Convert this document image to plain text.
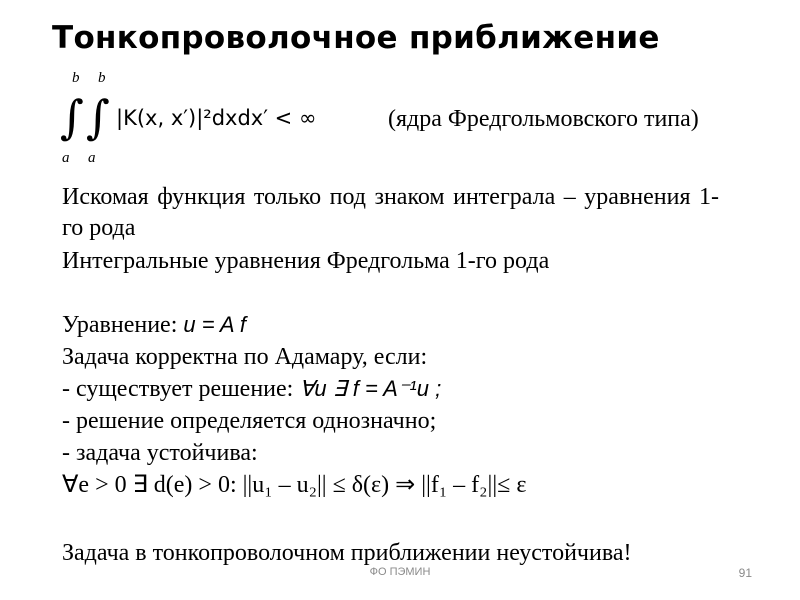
Тонкопроволочное приближение
b b
∫ ∫
a a
|K(x, x′)|²dxdx′ < ∞	(ядра Фредгольмовского типа)
Искомая функция только под знаком интеграла – уравнения 1-го рода
Интегральные уравнения Фредгольма 1-го рода
Уравнение: u = A f
Задача корректна по Адамару, если:
- существует решение: ∀u ∃ f = A⁻¹u ;
- решение определяется однозначно;
- задача устойчива:
∀e > 0 ∃ d(e) > 0: ||u₁ – u₂|| ≤ δ(ε) ⇒ ||f₁ – f₂||≤ ε
Задача в тонкопроволочном приближении неустойчива!
ФО ПЭМИН	91
